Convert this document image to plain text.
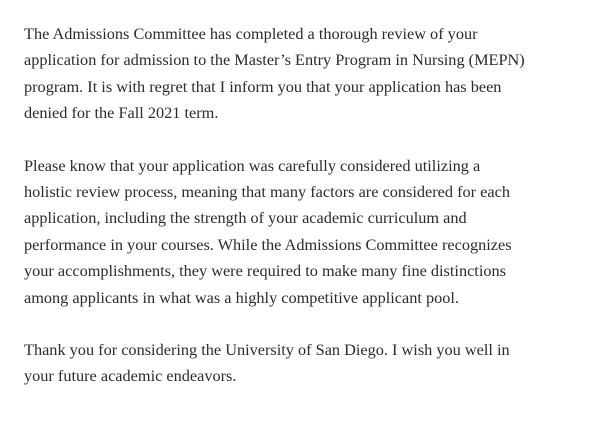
The Admissions Committee has completed a thorough review of your
application for admission to the Master’s Entry Program in Nursing (MEPN)
program. It is with regret that I inform you that your application has been
denied for the Fall 2021 term.

Please know that your application was carefully considered utilizing a
holistic review process, meaning that many factors are considered for each
application, including the strength of your academic curriculum and
performance in your courses. While the Admissions Committee recognizes
your accomplishments, they were required to make many fine distinctions
among applicants in what was a highly competitive applicant pool.

Thank you for considering the University of San Diego. I wish you well in
your future academic endeavors.
